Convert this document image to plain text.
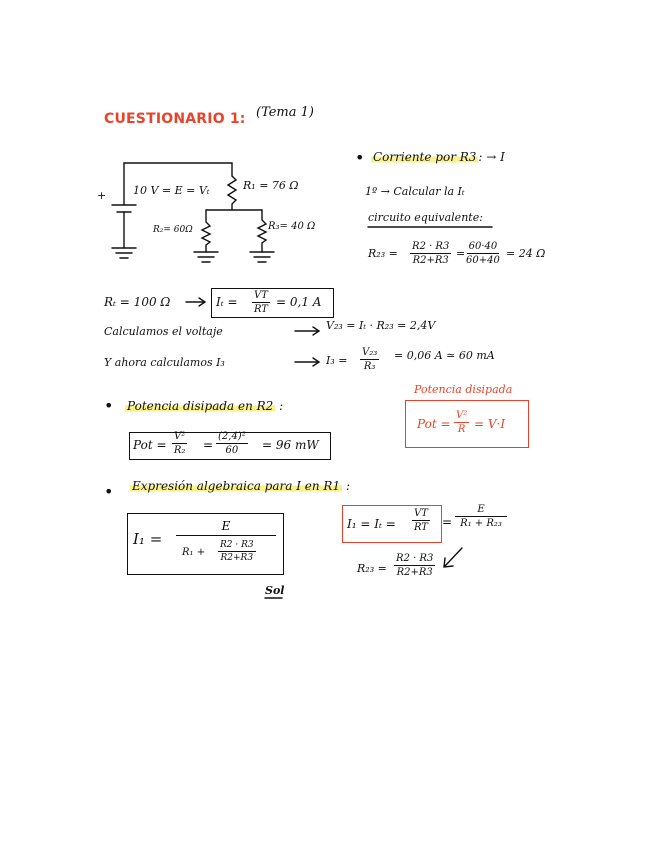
CUESTIONARIO 1: (Tema 1)
+ 10 V = E = Vₜ	R₁ = 76 Ω
R₂= 60Ω	R₃= 40 Ω
• Corriente por R3 : → I
1º → Calcular la Iₜ
circuito equivalente:
$R_{23} = \frac{R2 \cdot R3}{R2+R3} = \frac{60\cdot 40}{60+40} = 24$ Ω
Rₜ = 100 Ω	$I_t = \frac{VT}{RT} = 0,1$ A
Calculamos el voltaje	V₂₃ = Iₜ · R₂₃ = 2,4V
Y ahora calculamos I₃	$I_3 = \frac{\text{V₂₃}}{\text{R₃}} = 0,06$ A ≃ 60 mA
• Potencia disipada en R2 :
Pot = $\frac{\text{V²}}{\text{R₂}} = \frac{\text{(2,4)²}}{60} = 96$ mW
Potencia disipada
Pot = $\frac{\text{V²}}{R} = V\cdot I$
• Expresión algebraica para I en R1 :
I₁ =
E
$R_1 + \frac{R2 \cdot R3}{R2+R3}$
Sol
$I_1 = I_t = \frac{VT}{RT} = \frac{E}{\text{R₁ + R₂₃}}$
$R_{23} = \frac{R2 \cdot R3}{R2+R3}$
